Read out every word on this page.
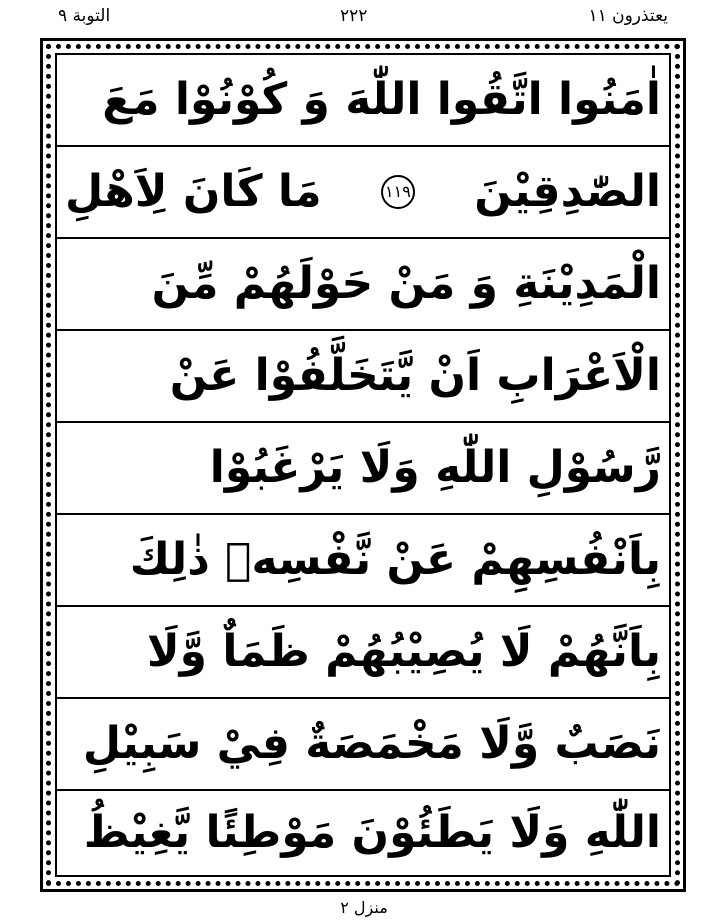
التوبة ٩	٢٢٢	يعتذرون ١١
اٰمَنُوا اتَّقُوا اللّٰهَ وَ كُوْنُوْا مَعَ
الصّٰدِقِيْنَ
١١٩
مَا كَانَ لِاَهْلِ
الْمَدِيْنَةِ وَ مَنْ حَوْلَهُمْ مِّنَ
الْاَعْرَابِ اَنْ يَّتَخَلَّفُوْا عَنْ
رَّسُوْلِ اللّٰهِ وَلَا يَرْغَبُوْا
بِاَنْفُسِهِمْ عَنْ نَّفْسِهٖ ذٰلِكَ
بِاَنَّهُمْ لَا يُصِيْبُهُمْ ظَمَاٌ وَّلَا
نَصَبٌ وَّلَا مَخْمَصَةٌ فِيْ سَبِيْلِ
اللّٰهِ وَلَا يَطَئُوْنَ مَوْطِئًا يَّغِيْظُ
منزل ٢
